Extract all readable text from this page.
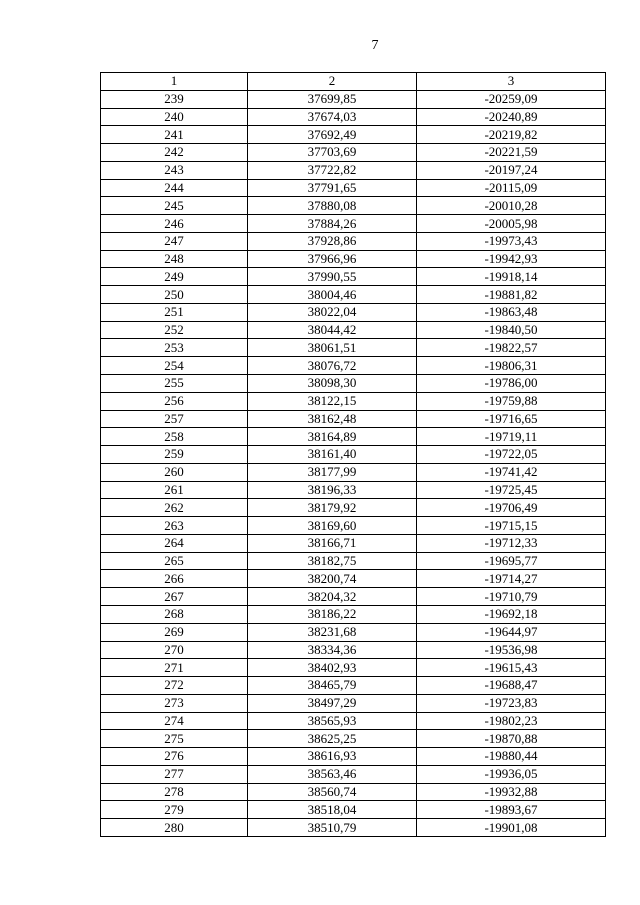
7
1	2	3
239	37699,85	-20259,09
240	37674,03	-20240,89
241	37692,49	-20219,82
242	37703,69	-20221,59
243	37722,82	-20197,24
244	37791,65	-20115,09
245	37880,08	-20010,28
246	37884,26	-20005,98
247	37928,86	-19973,43
248	37966,96	-19942,93
249	37990,55	-19918,14
250	38004,46	-19881,82
251	38022,04	-19863,48
252	38044,42	-19840,50
253	38061,51	-19822,57
254	38076,72	-19806,31
255	38098,30	-19786,00
256	38122,15	-19759,88
257	38162,48	-19716,65
258	38164,89	-19719,11
259	38161,40	-19722,05
260	38177,99	-19741,42
261	38196,33	-19725,45
262	38179,92	-19706,49
263	38169,60	-19715,15
264	38166,71	-19712,33
265	38182,75	-19695,77
266	38200,74	-19714,27
267	38204,32	-19710,79
268	38186,22	-19692,18
269	38231,68	-19644,97
270	38334,36	-19536,98
271	38402,93	-19615,43
272	38465,79	-19688,47
273	38497,29	-19723,83
274	38565,93	-19802,23
275	38625,25	-19870,88
276	38616,93	-19880,44
277	38563,46	-19936,05
278	38560,74	-19932,88
279	38518,04	-19893,67
280	38510,79	-19901,08
